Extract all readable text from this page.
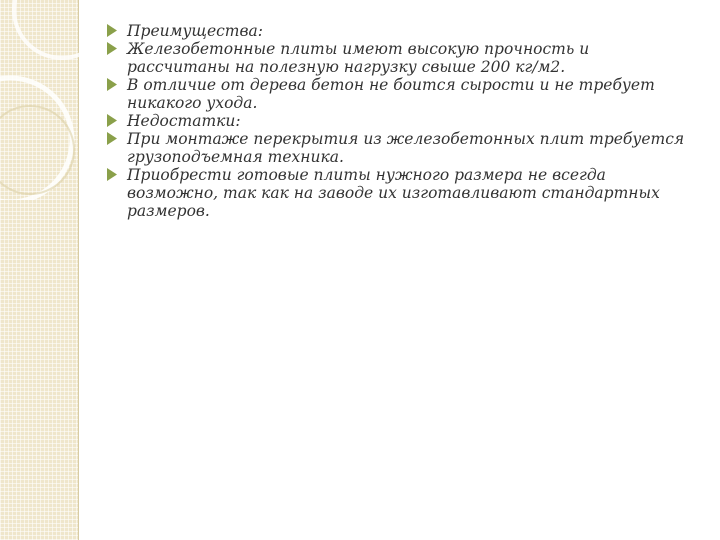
Преимущества:
Железобетонные плиты имеют высокую прочность и рассчитаны на полезную нагрузку свыше 200 кг/м2.
В отличие от дерева бетон не боится сырости и не требует никакого ухода.
Недостатки:
При монтаже перекрытия из железобетонных плит требуется грузоподъемная техника.
Приобрести готовые плиты нужного размера не всегда возможно, так как на заводе их изготавливают стандартных размеров.
